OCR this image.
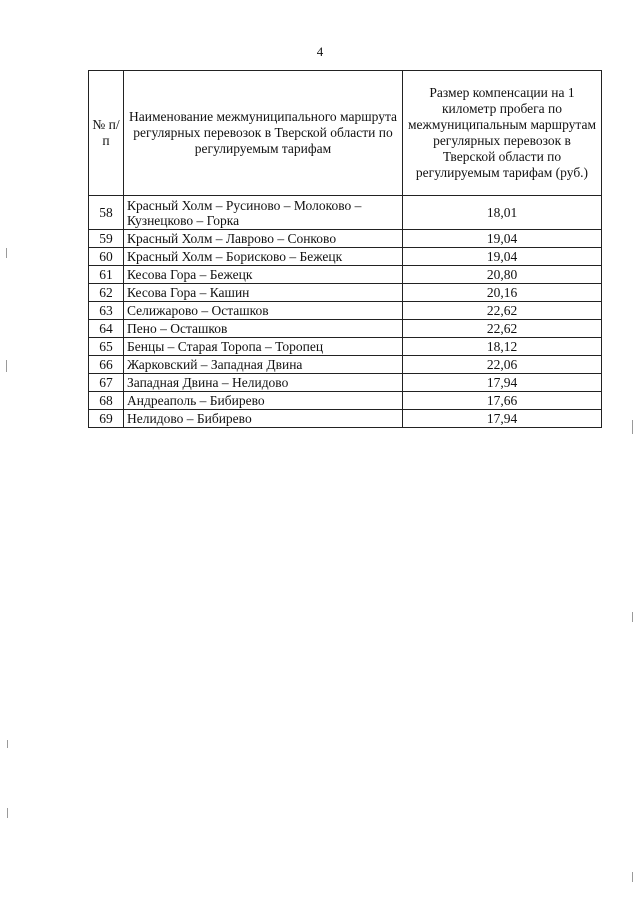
4
№ п/п	Наименование межмуниципального маршрута регулярных перевозок в Тверской области по регулируемым тарифам	Размер компенсации на 1 километр пробега по межмуниципальным маршрутам регулярных перевозок в Тверской области по регулируемым тарифам (руб.)
58	Красный Холм – Русиново – Молоково – Кузнецково – Горка	18,01
59	Красный Холм – Лаврово – Сонково	19,04
60	Красный Холм – Борисково – Бежецк	19,04
61	Кесова Гора – Бежецк	20,80
62	Кесова Гора – Кашин	20,16
63	Селижарово – Осташков	22,62
64	Пено – Осташков	22,62
65	Бенцы – Старая Торопа – Торопец	18,12
66	Жарковский – Западная Двина	22,06
67	Западная Двина – Нелидово	17,94
68	Андреаполь – Бибирево	17,66
69	Нелидово – Бибирево	17,94
